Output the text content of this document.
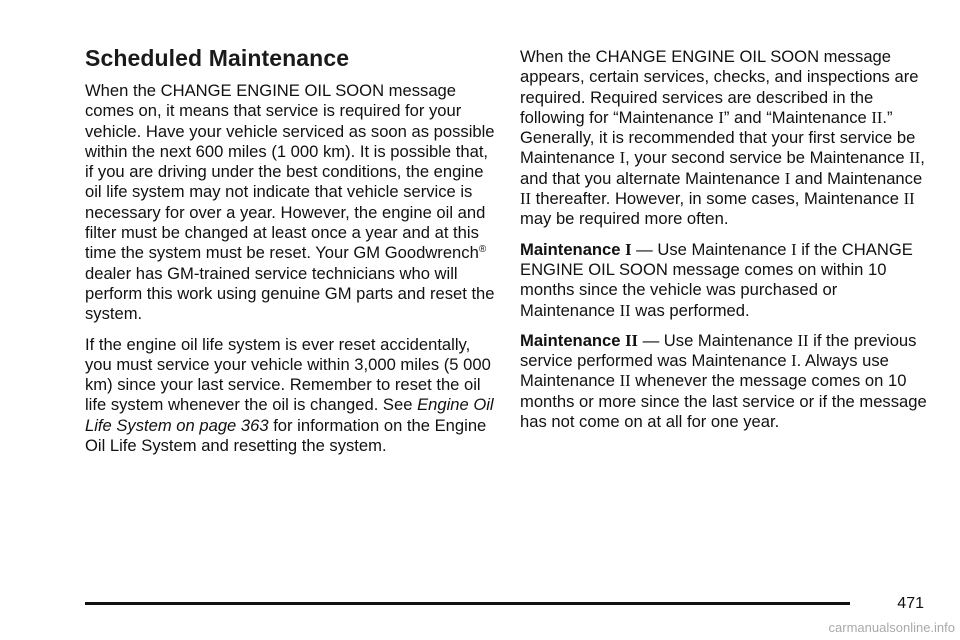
Scheduled Maintenance

When the CHANGE ENGINE OIL SOON message comes on, it means that service is required for your vehicle. Have your vehicle serviced as soon as possible within the next 600 miles (1 000 km). It is possible that, if you are driving under the best conditions, the engine oil life system may not indicate that vehicle service is necessary for over a year. However, the engine oil and filter must be changed at least once a year and at this time the system must be reset. Your GM Goodwrench® dealer has GM-trained service technicians who will perform this work using genuine GM parts and reset the system.

If the engine oil life system is ever reset accidentally, you must service your vehicle within 3,000 miles (5 000 km) since your last service. Remember to reset the oil life system whenever the oil is changed. See Engine Oil Life System on page 363 for information on the Engine Oil Life System and resetting the system.

When the CHANGE ENGINE OIL SOON message appears, certain services, checks, and inspections are required. Required services are described in the following for “Maintenance I” and “Maintenance II.” Generally, it is recommended that your first service be Maintenance I, your second service be Maintenance II, and that you alternate Maintenance I and Maintenance II thereafter. However, in some cases, Maintenance II may be required more often.

Maintenance I — Use Maintenance I if the CHANGE ENGINE OIL SOON message comes on within 10 months since the vehicle was purchased or Maintenance II was performed.

Maintenance II — Use Maintenance II if the previous service performed was Maintenance I. Always use Maintenance II whenever the message comes on 10 months or more since the last service or if the message has not come on at all for one year.

471
carmanualsonline.info
